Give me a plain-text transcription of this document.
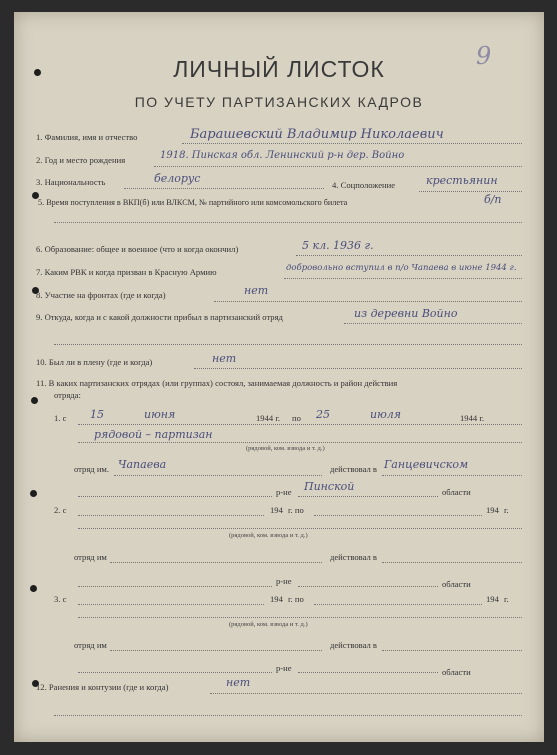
ЛИЧНЫЙ ЛИСТОК
ПО УЧЕТУ ПАРТИЗАНСКИХ КАДРОВ
9
1. Фамилия, имя и отчество	Барашевский Владимир Николаевич
2. Год и место рождения	1918. Пинская обл. Ленинский р-н дер. Войно
3. Национальность	белорус	4. Соцположение	крестьянин
5. Время поступления в ВКП(б) или ВЛКСМ, № партийного или комсомольского билета	б/п
6. Образование: общее и военное (что и когда окончил)	5 кл. 1936 г.
7. Каким РВК и когда призван в Красную Армию	добровольно вступил в п/о Чапаева в июне 1944 г.
8. Участие на фронтах (где и когда)	нет
9. Откуда, когда и с какой должности прибыл в партизанский отряд	из деревни Войно
10. Был ли в плену (где и когда)	нет
11. В каких партизанских отрядах (или группах) состоял, занимаемая должность и район действия
отряда:
1. с 15	июня	1944 г. по 25	июля	1944 г.
рядовой – партизан
(рядовой, ком. взвода и т. д.)
отряд им. Чапаева	действовал в Ганцевичском
р-не Пинской	области
2. с	194 г. по	194 г.
(рядовой, ком. взвода и т. д.)
отряд им	действовал в
р-не	области
3. с	194 г. по	194 г.
(рядовой, ком. взвода и т. д.)
отряд им	действовал в
р-не	области
12. Ранения и контузии (где и когда)	нет
